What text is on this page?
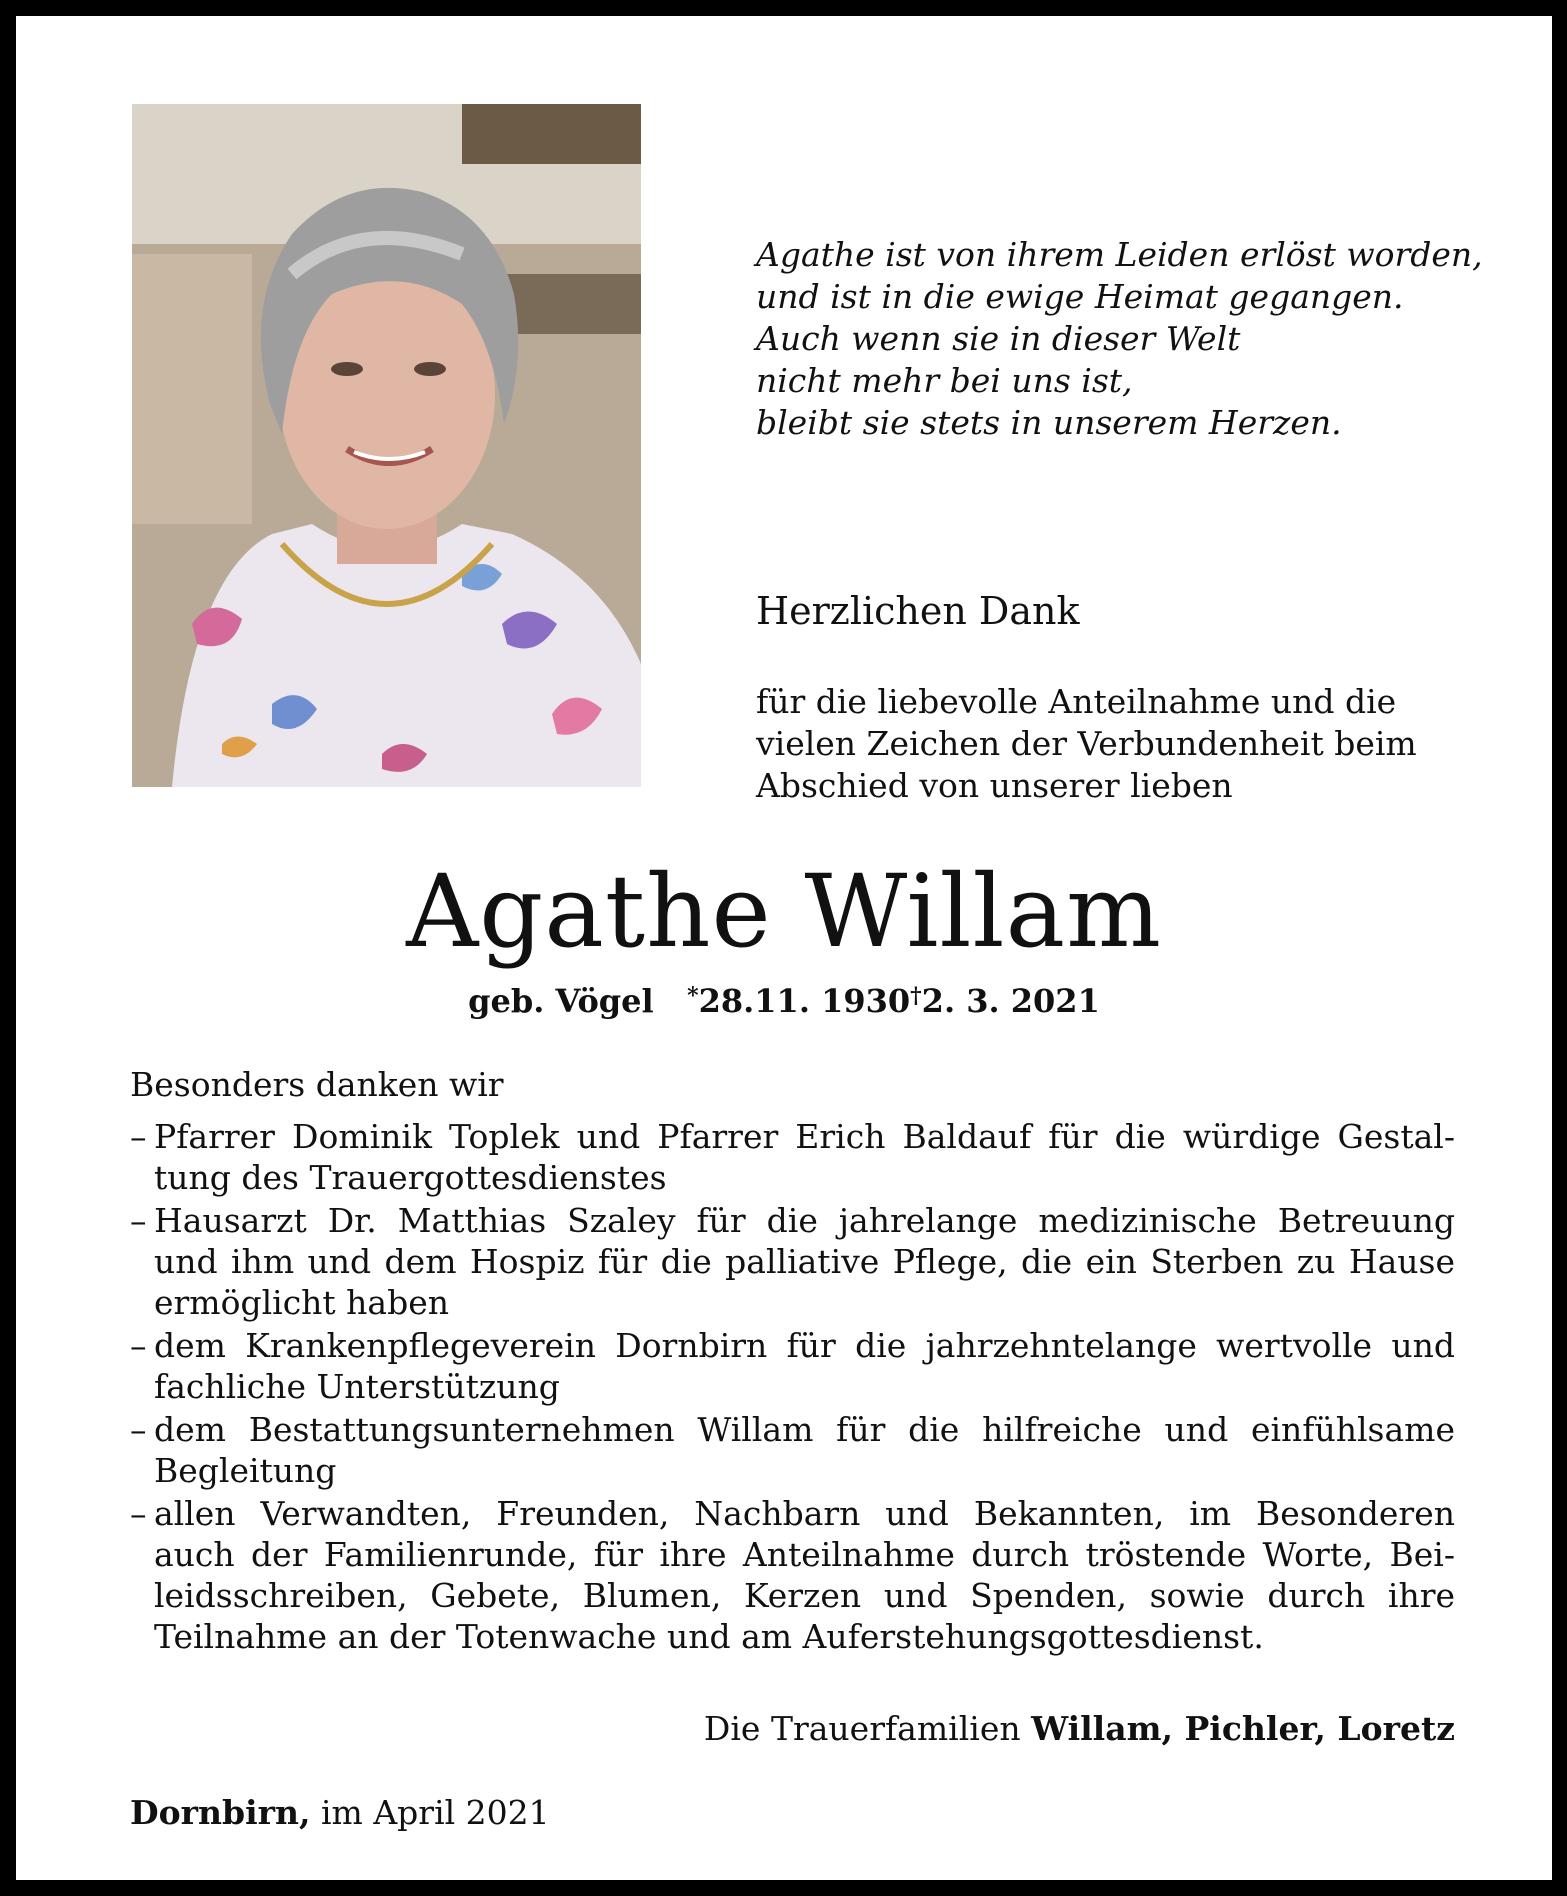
Agathe ist von ihrem Leiden erlöst worden,
und ist in die ewige Heimat gegangen.
Auch wenn sie in dieser Welt
nicht mehr bei uns ist,
bleibt sie stets in unserem Herzen.
Herzlichen Dank
für die liebevolle Anteilnahme und die
vielen Zeichen der Verbundenheit beim
Abschied von unserer lieben
Agathe Willam
geb. Vögel *28.11. 1930†2. 3. 2021
Besonders danken wir
– Pfarrer Dominik Toplek und Pfarrer Erich Baldauf für die würdige Gestal-
tung des Trauergottesdienstes
– Hausarzt Dr. Matthias Szaley für die jahrelange medizinische Betreuung
und ihm und dem Hospiz für die palliative Pflege, die ein Sterben zu Hause
ermöglicht haben
– dem Krankenpflegeverein Dornbirn für die jahrzehntelange wertvolle und
fachliche Unterstützung
– dem Bestattungsunternehmen Willam für die hilfreiche und einfühlsame
Begleitung
– allen Verwandten, Freunden, Nachbarn und Bekannten, im Besonderen
auch der Familienrunde, für ihre Anteilnahme durch tröstende Worte, Bei-
leidsschreiben, Gebete, Blumen, Kerzen und Spenden, sowie durch ihre
Teilnahme an der Totenwache und am Auferstehungsgottesdienst.
Die Trauerfamilien Willam, Pichler, Loretz
Dornbirn, im April 2021
